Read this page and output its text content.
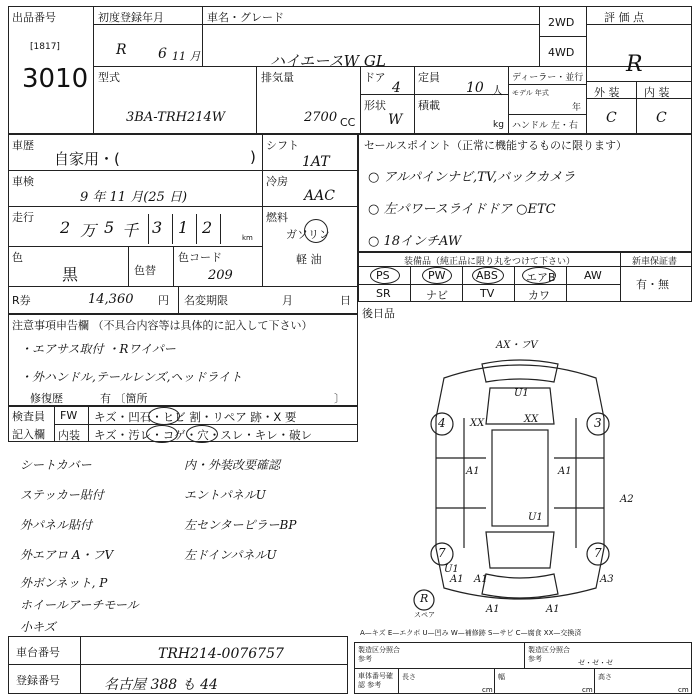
出品番号
[1817]
3010
初度登録年月
R 6 11 月
車名・グレード
ハイエースW GL
2WD
4WD
評 価 点
R
型式
3BA-TRH214W
排気量
2700 CC
ドア
4
定員
10 人
形状
W
積載
kg
ディーラー・並行
モデル 年式
年
ハンドル 左・右
外 装 内 装
C	C
車歴
自家用・(	)
シフト
1AT
車検
9 年 11 月(25 日)
冷房
AAC
走行
2 万 5 千 3 1 2
km
燃料
ガソリン
軽 油
色
黒	色替
色コード
209
R券	14,360 円 名変期限	月	日
セールスポイント（正常に機能するものに限ります）
○ アルパインナビ,TV,バックカメラ
○ 左パワースライドドア ○ETC
○ 18インチAW
装備品（純正品に限り丸をつけて下さい）	新車保証書
有・無
PS	PW	ABS	エアB	AW
SR	ナビ	TV	カワ
後日品
注意事項申告欄 （不具合内容等は具体的に記入して下さい）
・エアサス取付 ・Rワイパー
・外ハンドル,テールレンズ,ヘッドライト
修復歴	有 〔箇所	〕
検査員
記入欄
FW キズ・凹石・ヒビ 割・リペア 跡・X 要
内装 キズ・汚レ・コゲ・穴・スレ・キレ・破レ
シートカバー
ステッカー貼付
外パネル貼付
外エアロ A・フV
外ボンネット, P
ホイールアーチモール
小キズ
内・外装改要確認
エントパネルU
左センターピラーBP
左ドインパネルU
AX・フV
4	3
7	7
U1
XX	XX
A1	A1
A2
U1
A1 A1	A3
A1	A1
U1
R
スペア
A—キズ E—エクボ U—凹み W—補修跡 S—サビ C—腐食 XX—交換済
車台番号	TRH214-0076757
登録番号	名古屋 388 も 44
製造区分照合 参考
製造区分照合 参考	ゼ・ゼ・ゼ
車体番号確認 参考
長さ
cm
幅
cm
高さ
cm
